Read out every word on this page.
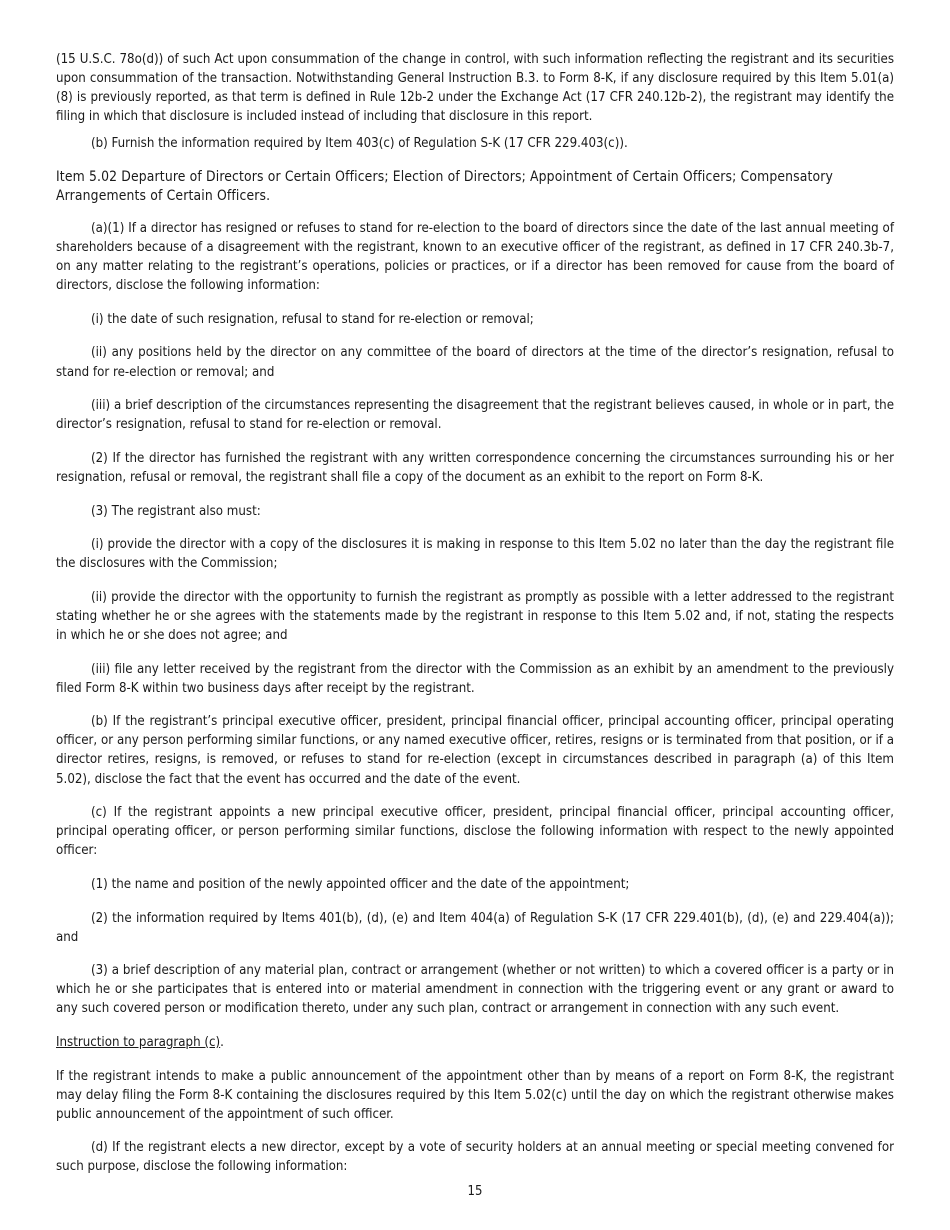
(15 U.S.C. 78o(d)) of such Act upon consummation of the change in control, with such information reflecting the registrant and its securities upon consummation of the transaction. Notwithstanding General Instruction B.3. to Form 8-K, if any disclosure required by this Item 5.01(a)(8) is previously reported, as that term is defined in Rule 12b-2 under the Exchange Act (17 CFR 240.12b-2), the registrant may identify the filing in which that disclosure is included instead of including that disclosure in this report.

(b) Furnish the information required by Item 403(c) of Regulation S-K (17 CFR 229.403(c)).

Item 5.02 Departure of Directors or Certain Officers; Election of Directors; Appointment of Certain Officers; Compensatory Arrangements of Certain Officers.

(a)(1) If a director has resigned or refuses to stand for re-election to the board of directors since the date of the last annual meeting of shareholders because of a disagreement with the registrant, known to an executive officer of the registrant, as defined in 17 CFR 240.3b-7, on any matter relating to the registrant’s operations, policies or practices, or if a director has been removed for cause from the board of directors, disclose the following information:

(i) the date of such resignation, refusal to stand for re-election or removal;

(ii) any positions held by the director on any committee of the board of directors at the time of the director’s resignation, refusal to stand for re-election or removal; and

(iii) a brief description of the circumstances representing the disagreement that the registrant believes caused, in whole or in part, the director’s resignation, refusal to stand for re-election or removal.

(2) If the director has furnished the registrant with any written correspondence concerning the circumstances surrounding his or her resignation, refusal or removal, the registrant shall file a copy of the document as an exhibit to the report on Form 8-K.

(3) The registrant also must:

(i) provide the director with a copy of the disclosures it is making in response to this Item 5.02 no later than the day the registrant file the disclosures with the Commission;

(ii) provide the director with the opportunity to furnish the registrant as promptly as possible with a letter addressed to the registrant stating whether he or she agrees with the statements made by the registrant in response to this Item 5.02 and, if not, stating the respects in which he or she does not agree; and

(iii) file any letter received by the registrant from the director with the Commission as an exhibit by an amendment to the previously filed Form 8-K within two business days after receipt by the registrant.

(b) If the registrant’s principal executive officer, president, principal financial officer, principal accounting officer, principal operating officer, or any person performing similar functions, or any named executive officer, retires, resigns or is terminated from that position, or if a director retires, resigns, is removed, or refuses to stand for re-election (except in circumstances described in paragraph (a) of this Item 5.02), disclose the fact that the event has occurred and the date of the event.

(c) If the registrant appoints a new principal executive officer, president, principal financial officer, principal accounting officer, principal operating officer, or person performing similar functions, disclose the following information with respect to the newly appointed officer:

(1) the name and position of the newly appointed officer and the date of the appointment;

(2) the information required by Items 401(b), (d), (e) and Item 404(a) of Regulation S-K (17 CFR 229.401(b), (d), (e) and 229.404(a)); and

(3) a brief description of any material plan, contract or arrangement (whether or not written) to which a covered officer is a party or in which he or she participates that is entered into or material amendment in connection with the triggering event or any grant or award to any such covered person or modification thereto, under any such plan, contract or arrangement in connection with any such event.

Instruction to paragraph (c).

If the registrant intends to make a public announcement of the appointment other than by means of a report on Form 8-K, the registrant may delay filing the Form 8-K containing the disclosures required by this Item 5.02(c) until the day on which the registrant otherwise makes public announcement of the appointment of such officer.

(d) If the registrant elects a new director, except by a vote of security holders at an annual meeting or special meeting convened for such purpose, disclose the following information:

15
